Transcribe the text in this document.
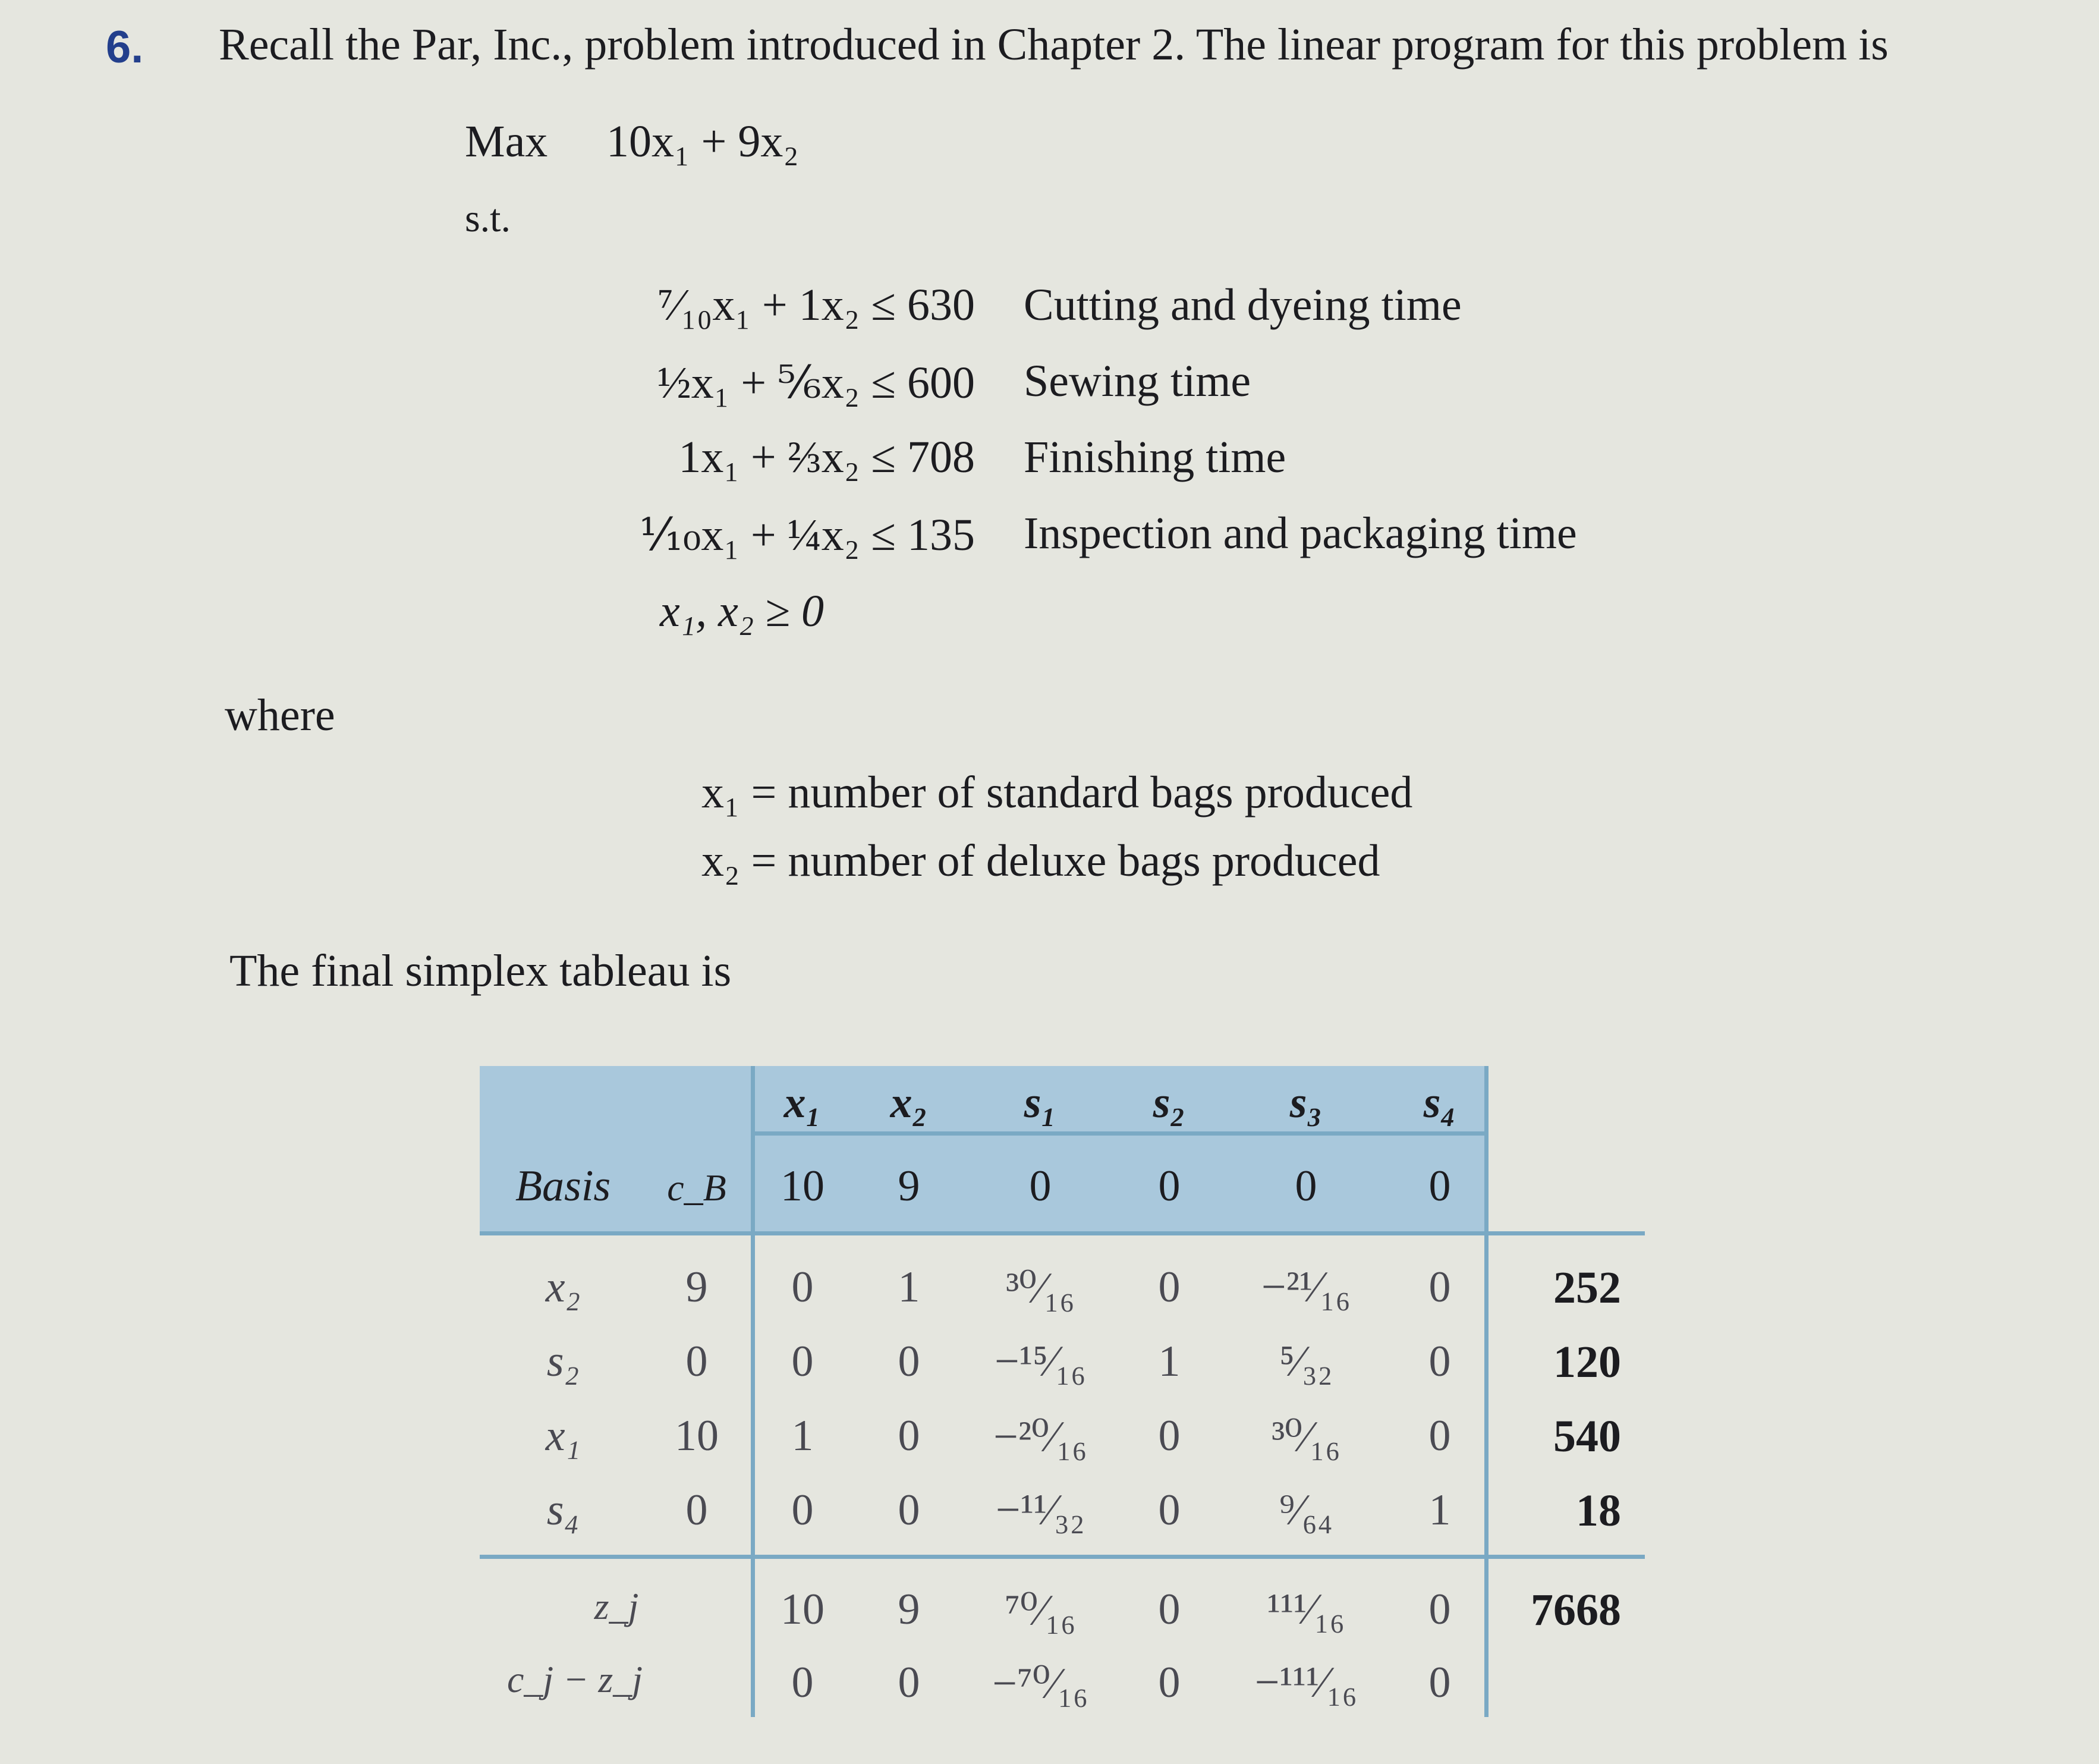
6. Recall the Par, Inc., problem introduced in Chapter 2. The linear program for this problem is
Max 10x₁ + 9x₂
s.t.
⁷⁄₁₀x₁ + 1x₂ ≤ 630 Cutting and dyeing time
½x₁ + ⅚x₂ ≤ 600 Sewing time
1x₁ + ⅔x₂ ≤ 708 Finishing time
⅒x₁ + ¼x₂ ≤ 135 Inspection and packaging time
x₁, x₂ ≥ 0
where
x₁ = number of standard bags produced
x₂ = number of deluxe bags produced
The final simplex tableau is
x₁ x₂ s₁ s₂ s₃ s₄
Basis c_B 10 9 0 0	0	0
x₂ 9 0 1 ³⁰⁄₁₆ 0 −²¹⁄₁₆ 0 252
s₂ 0 0 0 −¹⁵⁄₁₆ 1 ⁵⁄₃₂ 0 120
x₁ 10 1 0 −²⁰⁄₁₆ 0 ³⁰⁄₁₆ 0 540
s₄ 0 0 0 −¹¹⁄₃₂ 0 ⁹⁄₆₄ 1	18
z_j	10 9 ⁷⁰⁄₁₆ 0 ¹¹¹⁄₁₆ 0 7668
c_j − z_j	0 0 −⁷⁰⁄₁₆ 0 −¹¹¹⁄₁₆ 0
